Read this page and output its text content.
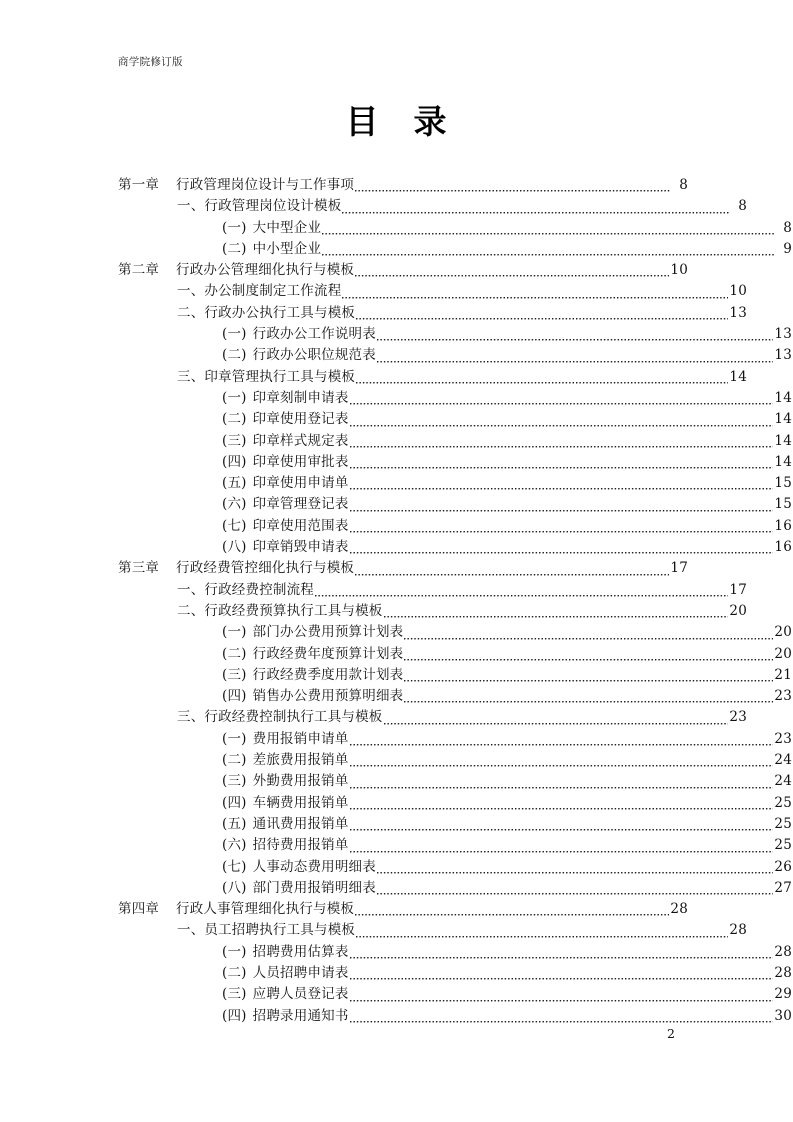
商学院修订版
目　录
第一章	行政管理岗位设计与工作事项	8
一、 行政管理岗位设计模板	8
(一) 大中型企业	8
(二) 中小型企业	9
第二章	行政办公管理细化执行与模板	10
一、 办公制度制定工作流程	10
二、 行政办公执行工具与模板	13
(一) 行政办公工作说明表	13
(二) 行政办公职位规范表	13
三、 印章管理执行工具与模板	14
(一) 印章刻制申请表	14
(二) 印章使用登记表	14
(三) 印章样式规定表	14
(四) 印章使用审批表	14
(五) 印章使用申请单	15
(六) 印章管理登记表	15
(七) 印章使用范围表	16
(八) 印章销毁申请表	16
第三章	行政经费管控细化执行与模板	17
一、 行政经费控制流程	17
二、 行政经费预算执行工具与模板	20
(一) 部门办公费用预算计划表	20
(二) 行政经费年度预算计划表	20
(三) 行政经费季度用款计划表	21
(四) 销售办公费用预算明细表	23
三、 行政经费控制执行工具与模板	23
(一) 费用报销申请单	23
(二) 差旅费用报销单	24
(三) 外勤费用报销单	24
(四) 车辆费用报销单	25
(五) 通讯费用报销单	25
(六) 招待费用报销单	25
(七) 人事动态费用明细表	26
(八) 部门费用报销明细表	27
第四章	行政人事管理细化执行与模板	28
一、 员工招聘执行工具与模板	28
(一) 招聘费用估算表	28
(二) 人员招聘申请表	28
(三) 应聘人员登记表	29
(四) 招聘录用通知书	30
2
